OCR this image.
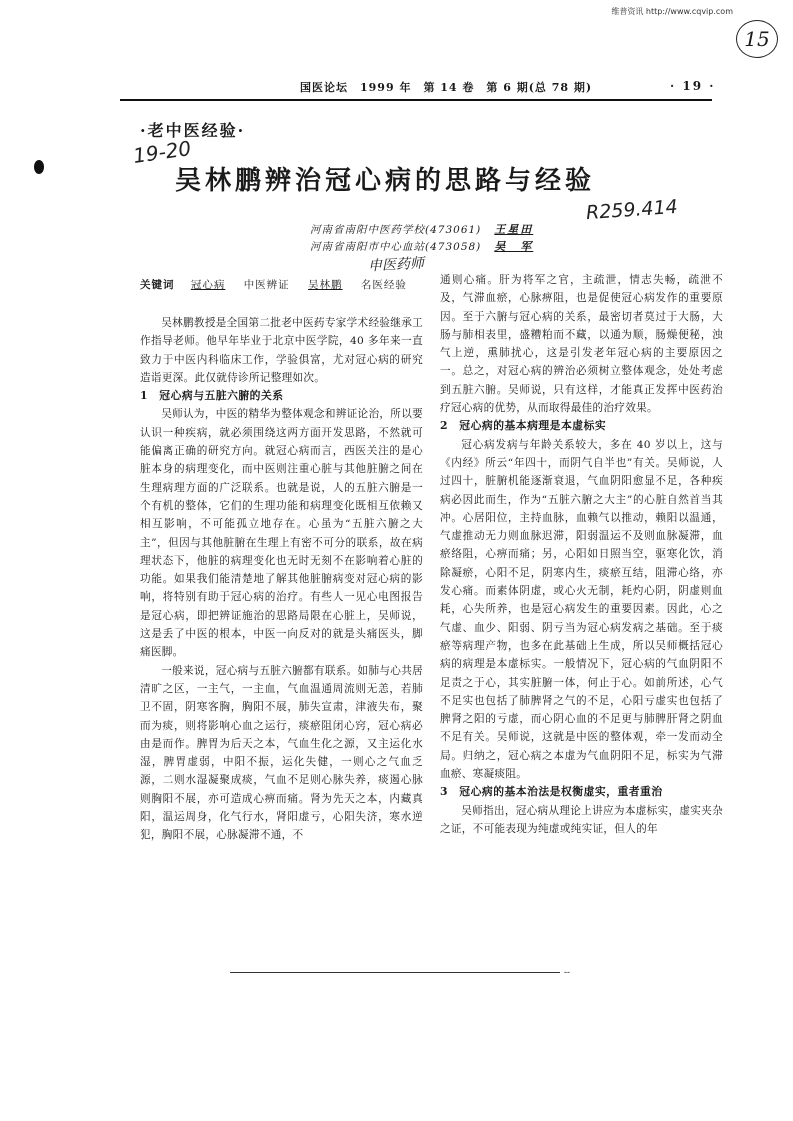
维普资讯 http://www.cqvip.com
15
国医论坛　1999 年　第 14 卷　第 6 期(总 78 期)	· 19 ·
·老中医经验·
19-20
吴林鹏辨治冠心病的思路与经验
河南省南阳中医药学校(473061) 王星田
河南省南阳市中心血站(473058) 吴　军
R259.414
申医药师
关键词 冠心病 中医辨证 吴林鹏 名医经验

吴林鹏教授是全国第二批老中医药专家学术经验继承工作指导老师。他早年毕业于北京中医学院，40 多年来一直致力于中医内科临床工作，学验俱富，尤对冠心病的研究造诣更深。此仅就侍诊所记整理如次。

1　冠心病与五脏六腑的关系

吴师认为，中医的精华为整体观念和辨证论治，所以要认识一种疾病，就必须围绕这两方面开发思路，不然就可能偏离正确的研究方向。就冠心病而言，西医关注的是心脏本身的病理变化，而中医则注重心脏与其他脏腑之间在生理病理方面的广泛联系。也就是说，人的五脏六腑是一个有机的整体，它们的生理功能和病理变化既相互依赖又相互影响，不可能孤立地存在。心虽为“五脏六腑之大主”，但因与其他脏腑在生理上有密不可分的联系，故在病理状态下，他脏的病理变化也无时无刻不在影响着心脏的功能。如果我们能清楚地了解其他脏腑病变对冠心病的影响，将特别有助于冠心病的治疗。有些人一见心电图报告是冠心病，即把辨证施治的思路局限在心脏上，吴师说，这是丢了中医的根本，中医一向反对的就是头痛医头，脚痛医脚。

一般来说，冠心病与五脏六腑都有联系。如肺与心共居清旷之区，一主气，一主血，气血温通周流则无恙，若肺卫不固，阴寒客胸，胸阳不展，肺失宣肃，津液失布，聚而为痰，则将影响心血之运行，痰瘀阻闭心窍，冠心病必由是而作。脾胃为后天之本，气血生化之源，又主运化水湿，脾胃虚弱，中阳不振，运化失健，一则心之气血乏源，二则水湿凝聚成痰，气血不足则心脉失养，痰遏心脉则胸阳不展，亦可造成心痹而痛。肾为先天之本，内藏真阳，温运周身，化气行水，肾阳虚亏，心阳失济，寒水逆犯，胸阳不展，心脉凝滞不通，不

通则心痛。肝为将军之官，主疏泄，情志失畅，疏泄不及，气滞血瘀，心脉痹阻，也是促使冠心病发作的重要原因。至于六腑与冠心病的关系，最密切者莫过于大肠，大肠与肺相表里，盛糟粕而不藏，以通为顺，肠燥便秘，浊气上逆，熏肺扰心，这是引发老年冠心病的主要原因之一。总之，对冠心病的辨治必须树立整体观念，处处考虑到五脏六腑。吴师说，只有这样，才能真正发挥中医药治疗冠心病的优势，从而取得最佳的治疗效果。

2　冠心病的基本病理是本虚标实

冠心病发病与年龄关系较大，多在 40 岁以上，这与《内经》所云“年四十，而阴气自半也”有关。吴师说，人过四十，脏腑机能逐渐衰退，气血阴阳愈显不足，各种疾病必因此而生，作为“五脏六腑之大主”的心脏自然首当其冲。心居阳位，主持血脉，血赖气以推动，赖阳以温通，气虚推动无力则血脉迟滞，阳弱温运不及则血脉凝滞，血瘀络阻，心痹而痛；另，心阳如日照当空，驱寒化饮，消除凝瘀，心阳不足，阴寒内生，痰瘀互结，阻滞心络，亦发心痛。而素体阴虚，或心火无制，耗灼心阴，阴虚则血耗，心失所养，也是冠心病发生的重要因素。因此，心之气虚、血少、阳弱、阴亏当为冠心病发病之基础。至于痰瘀等病理产物，也多在此基础上生成，所以吴师概括冠心病的病理是本虚标实。一般情况下，冠心病的气血阴阳不足责之于心，其实脏腑一体，何止于心。如前所述，心气不足实也包括了肺脾肾之气的不足，心阳亏虚实也包括了脾肾之阳的亏虚，而心阴心血的不足更与肺脾肝肾之阴血不足有关。吴师说，这就是中医的整体观，牵一发而动全局。归纳之，冠心病之本虚为气血阴阳不足，标实为气滞血瘀、寒凝痰阻。

3　冠心病的基本治法是权衡虚实，重者重治

吴师指出，冠心病从理论上讲应为本虚标实，虚实夹杂之证，不可能表现为纯虚或纯实证，但人的年

--
